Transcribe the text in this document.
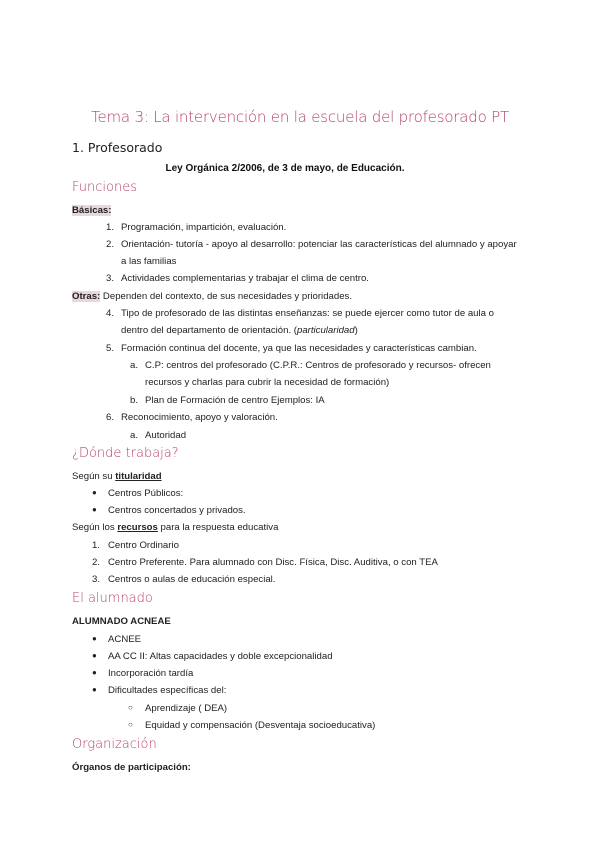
Tema 3: La intervención en la escuela del profesorado PT
1. Profesorado
Ley Orgánica 2/2006, de 3 de mayo, de Educación.
Funciones
Básicas:
1. Programación, impartición, evaluación.
2. Orientación- tutoría - apoyo al desarrollo: potenciar las características del alumnado y apoyar
a las familias
3. Actividades complementarias y trabajar el clima de centro.
Otras: Dependen del contexto, de sus necesidades y prioridades.
4. Tipo de profesorado de las distintas enseñanzas: se puede ejercer como tutor de aula o
dentro del departamento de orientación. (particularidad)
5. Formación continua del docente, ya que las necesidades y características cambian.
a. C.P: centros del profesorado (C.P.R.: Centros de profesorado y recursos- ofrecen
recursos y charlas para cubrir la necesidad de formación)
b. Plan de Formación de centro Ejemplos: IA
6. Reconocimiento, apoyo y valoración.
a. Autoridad
¿Dónde trabaja?
Según su titularidad
● Centros Públicos:
● Centros concertados y privados.
Según los recursos para la respuesta educativa
1. Centro Ordinario
2. Centro Preferente. Para alumnado con Disc. Física, Disc. Auditiva, o con TEA
3. Centros o aulas de educación especial.
El alumnado
ALUMNADO ACNEAE
● ACNEE
● AA CC II: Altas capacidades y doble excepcionalidad
● Incorporación tardía
● Dificultades específicas del:
○ Aprendizaje ( DEA)
○ Equidad y compensación (Desventaja socioeducativa)
Organización
Órganos de participación:
